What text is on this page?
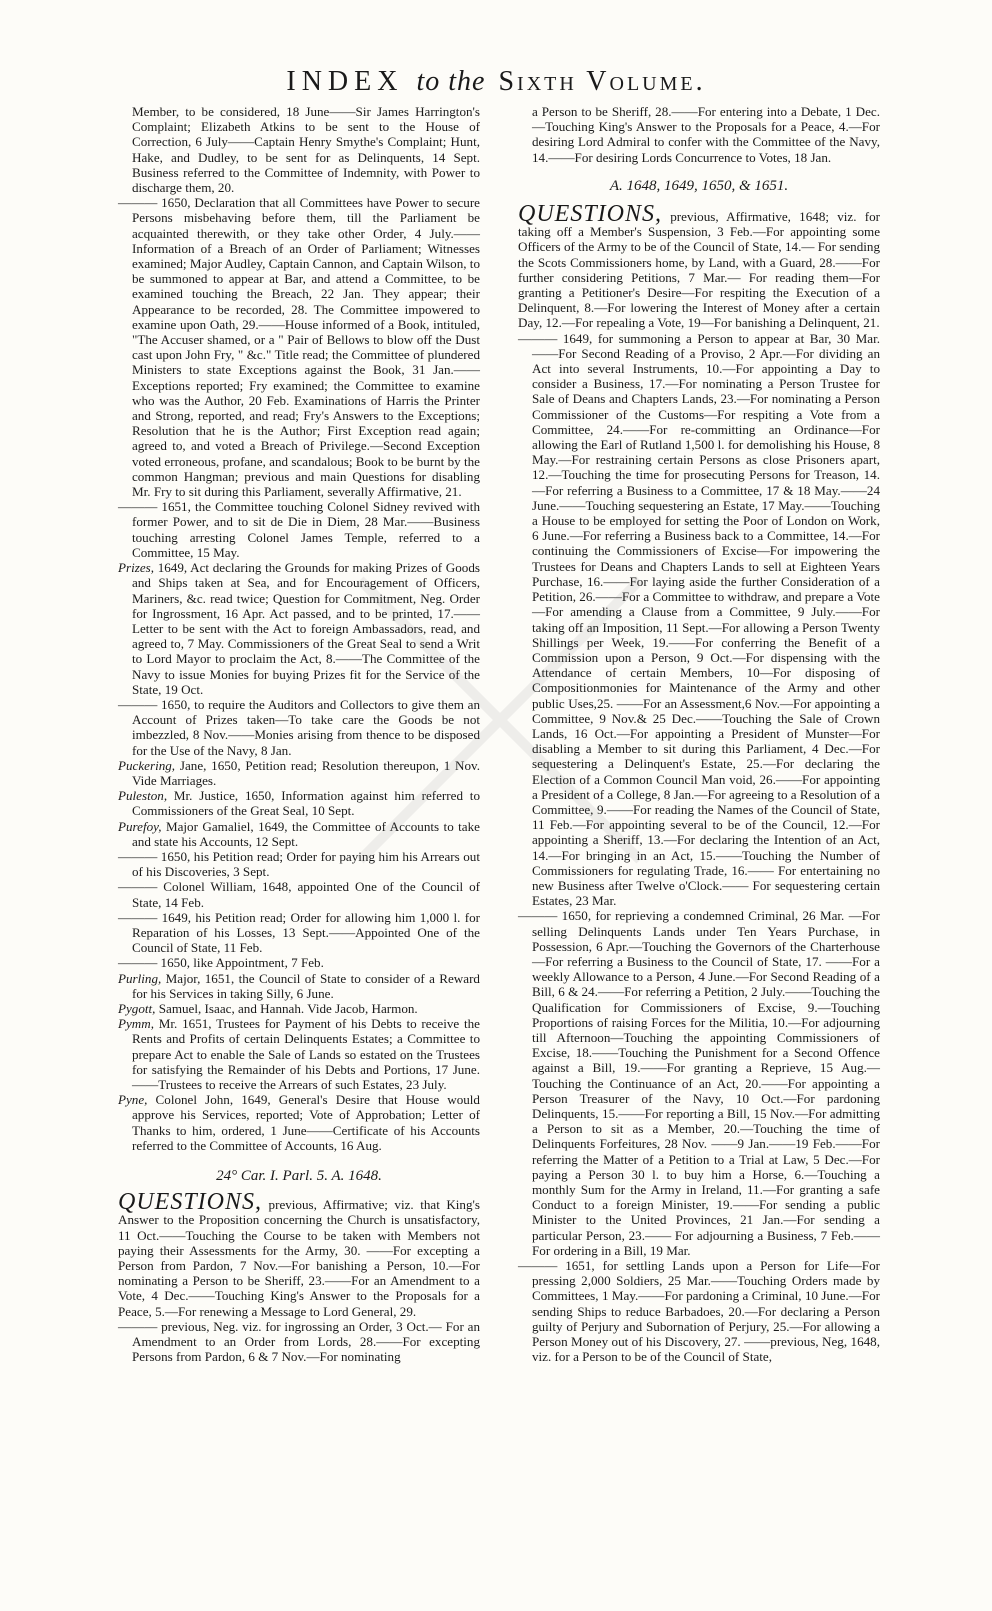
INDEX to the Sixth Volume.

Member, to be considered, 18 June——Sir James Harrington's Complaint; Elizabeth Atkins to be sent to the House of Correction, 6 July——Captain Henry Smythe's Complaint; Hunt, Hake, and Dudley, to be sent for as Delinquents, 14 Sept. Business referred to the Committee of Indemnity, with Power to discharge them, 20.

——— 1650, Declaration that all Committees have Power to secure Persons misbehaving before them, till the Parliament be acquainted therewith, or they take other Order, 4 July.—— Information of a Breach of an Order of Parliament; Witnesses examined; Major Audley, Captain Cannon, and Captain Wilson, to be summoned to appear at Bar, and attend a Committee, to be examined touching the Breach, 22 Jan. They appear; their Appearance to be recorded, 28. The Committee impowered to examine upon Oath, 29.——House informed of a Book, intituled, "The Accuser shamed, or a " Pair of Bellows to blow off the Dust cast upon John Fry, " &c." Title read; the Committee of plundered Ministers to state Exceptions against the Book, 31 Jan.——Exceptions reported; Fry examined; the Committee to examine who was the Author, 20 Feb. Examinations of Harris the Printer and Strong, reported, and read; Fry's Answers to the Exceptions; Resolution that he is the Author; First Exception read again; agreed to, and voted a Breach of Privilege.—Second Exception voted erroneous, profane, and scandalous; Book to be burnt by the common Hangman; previous and main Questions for disabling Mr. Fry to sit during this Parliament, severally Affirmative, 21.

——— 1651, the Committee touching Colonel Sidney revived with former Power, and to sit de Die in Diem, 28 Mar.——Business touching arresting Colonel James Temple, referred to a Committee, 15 May.

Prizes, 1649, Act declaring the Grounds for making Prizes of Goods and Ships taken at Sea, and for Encouragement of Officers, Mariners, &c. read twice; Question for Commitment, Neg. Order for Ingrossment, 16 Apr. Act passed, and to be printed, 17.——Letter to be sent with the Act to foreign Ambassadors, read, and agreed to, 7 May. Commissioners of the Great Seal to send a Writ to Lord Mayor to proclaim the Act, 8.——The Committee of the Navy to issue Monies for buying Prizes fit for the Service of the State, 19 Oct.

——— 1650, to require the Auditors and Collectors to give them an Account of Prizes taken—To take care the Goods be not imbezzled, 8 Nov.——Monies arising from thence to be disposed for the Use of the Navy, 8 Jan.

Puckering, Jane, 1650, Petition read; Resolution thereupon, 1 Nov. Vide Marriages.

Puleston, Mr. Justice, 1650, Information against him referred to Commissioners of the Great Seal, 10 Sept.

Purefoy, Major Gamaliel, 1649, the Committee of Accounts to take and state his Accounts, 12 Sept.

——— 1650, his Petition read; Order for paying him his Arrears out of his Discoveries, 3 Sept.

——— Colonel William, 1648, appointed One of the Council of State, 14 Feb.

——— 1649, his Petition read; Order for allowing him 1,000 l. for Reparation of his Losses, 13 Sept.——Appointed One of the Council of State, 11 Feb.

——— 1650, like Appointment, 7 Feb.

Purling, Major, 1651, the Council of State to consider of a Reward for his Services in taking Silly, 6 June.

Pygott, Samuel, Isaac, and Hannah. Vide Jacob, Harmon.

Pymm, Mr. 1651, Trustees for Payment of his Debts to receive the Rents and Profits of certain Delinquents Estates; a Committee to prepare Act to enable the Sale of Lands so estated on the Trustees for satisfying the Remainder of his Debts and Portions, 17 June.——Trustees to receive the Arrears of such Estates, 23 July.

Pyne, Colonel John, 1649, General's Desire that House would approve his Services, reported; Vote of Approbation; Letter of Thanks to him, ordered, 1 June——Certificate of his Accounts referred to the Committee of Accounts, 16 Aug.

24° Car. I. Parl. 5. A. 1648.

QUESTIONS, previous, Affirmative; viz. that King's Answer to the Proposition concerning the Church is unsatisfactory, 11 Oct.——Touching the Course to be taken with Members not paying their Assessments for the Army, 30. ——For excepting a Person from Pardon, 7 Nov.—For banishing a Person, 10.—For nominating a Person to be Sheriff, 23.——For an Amendment to a Vote, 4 Dec.——Touching King's Answer to the Proposals for a Peace, 5.—For renewing a Message to Lord General, 29.

——— previous, Neg. viz. for ingrossing an Order, 3 Oct.— For an Amendment to an Order from Lords, 28.——For excepting Persons from Pardon, 6 & 7 Nov.—For nominating

a Person to be Sheriff, 28.——For entering into a Debate, 1 Dec.—Touching King's Answer to the Proposals for a Peace, 4.—For desiring Lord Admiral to confer with the Committee of the Navy, 14.——For desiring Lords Concurrence to Votes, 18 Jan.

A. 1648, 1649, 1650, & 1651.

QUESTIONS, previous, Affirmative, 1648; viz. for taking off a Member's Suspension, 3 Feb.—For appointing some Officers of the Army to be of the Council of State, 14.— For sending the Scots Commissioners home, by Land, with a Guard, 28.——For further considering Petitions, 7 Mar.— For reading them—For granting a Petitioner's Desire—For respiting the Execution of a Delinquent, 8.—For lowering the Interest of Money after a certain Day, 12.—For repealing a Vote, 19—For banishing a Delinquent, 21.

——— 1649, for summoning a Person to appear at Bar, 30 Mar.——For Second Reading of a Proviso, 2 Apr.—For dividing an Act into several Instruments, 10.—For appointing a Day to consider a Business, 17.—For nominating a Person Trustee for Sale of Deans and Chapters Lands, 23.—For nominating a Person Commissioner of the Customs—For respiting a Vote from a Committee, 24.——For re-committing an Ordinance—For allowing the Earl of Rutland 1,500 l. for demolishing his House, 8 May.—For restraining certain Persons as close Prisoners apart, 12.—Touching the time for prosecuting Persons for Treason, 14.—For referring a Business to a Committee, 17 & 18 May.——24 June.——Touching sequestering an Estate, 17 May.——Touching a House to be employed for setting the Poor of London on Work, 6 June.—For referring a Business back to a Committee, 14.—For continuing the Commissioners of Excise—For impowering the Trustees for Deans and Chapters Lands to sell at Eighteen Years Purchase, 16.——For laying aside the further Consideration of a Petition, 26.——For a Committee to withdraw, and prepare a Vote—For amending a Clause from a Committee, 9 July.——For taking off an Imposition, 11 Sept.—For allowing a Person Twenty Shillings per Week, 19.——For conferring the Benefit of a Commission upon a Person, 9 Oct.—For dispensing with the Attendance of certain Members, 10—For disposing of Compositionmonies for Maintenance of the Army and other public Uses,25. ——For an Assessment,6 Nov.—For appointing a Committee, 9 Nov.& 25 Dec.——Touching the Sale of Crown Lands, 16 Oct.—For appointing a President of Munster—For disabling a Member to sit during this Parliament, 4 Dec.—For sequestering a Delinquent's Estate, 25.—For declaring the Election of a Common Council Man void, 26.——For appointing a President of a College, 8 Jan.—For agreeing to a Resolution of a Committee, 9.——For reading the Names of the Council of State, 11 Feb.—For appointing several to be of the Council, 12.—For appointing a Sheriff, 13.—For declaring the Intention of an Act, 14.—For bringing in an Act, 15.——Touching the Number of Commissioners for regulating Trade, 16.—— For entertaining no new Business after Twelve o'Clock.—— For sequestering certain Estates, 23 Mar.

——— 1650, for reprieving a condemned Criminal, 26 Mar. —For selling Delinquents Lands under Ten Years Purchase, in Possession, 6 Apr.—Touching the Governors of the Charterhouse—For referring a Business to the Council of State, 17. ——For a weekly Allowance to a Person, 4 June.—For Second Reading of a Bill, 6 & 24.——For referring a Petition, 2 July.——Touching the Qualification for Commissioners of Excise, 9.—Touching Proportions of raising Forces for the Militia, 10.—For adjourning till Afternoon—Touching the appointing Commissioners of Excise, 18.——Touching the Punishment for a Second Offence against a Bill, 19.——For granting a Reprieve, 15 Aug.—Touching the Continuance of an Act, 20.——For appointing a Person Treasurer of the Navy, 10 Oct.—For pardoning Delinquents, 15.——For reporting a Bill, 15 Nov.—For admitting a Person to sit as a Member, 20.—Touching the time of Delinquents Forfeitures, 28 Nov. ——9 Jan.——19 Feb.——For referring the Matter of a Petition to a Trial at Law, 5 Dec.—For paying a Person 30 l. to buy him a Horse, 6.—Touching a monthly Sum for the Army in Ireland, 11.—For granting a safe Conduct to a foreign Minister, 19.——For sending a public Minister to the United Provinces, 21 Jan.—For sending a particular Person, 23.—— For adjourning a Business, 7 Feb.——For ordering in a Bill, 19 Mar.

——— 1651, for settling Lands upon a Person for Life—For pressing 2,000 Soldiers, 25 Mar.——Touching Orders made by Committees, 1 May.——For pardoning a Criminal, 10 June.—For sending Ships to reduce Barbadoes, 20.—For declaring a Person guilty of Perjury and Subornation of Perjury, 25.—For allowing a Person Money out of his Discovery, 27. ——previous, Neg, 1648, viz. for a Person to be of the Council of State,
